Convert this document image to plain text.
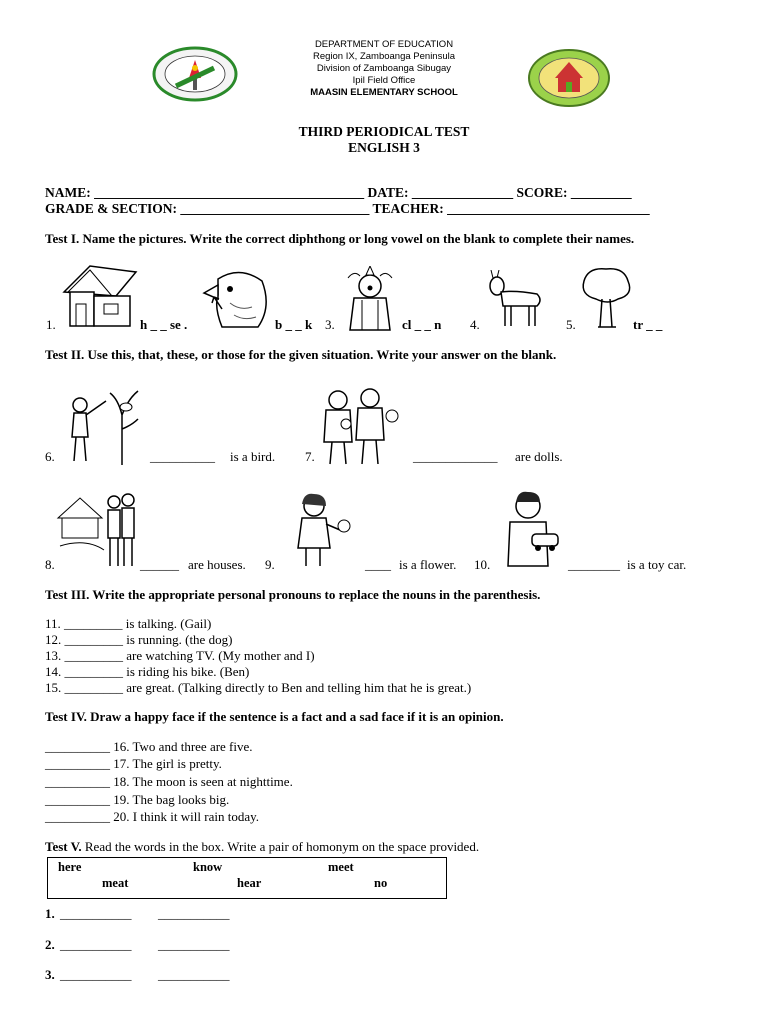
DEPARTMENT OF EDUCATION
Region IX, Zamboanga Peninsula
Division of Zamboanga Sibugay
Ipil Field Office
MAASIN ELEMENTARY SCHOOL
THIRD PERIODICAL TEST
ENGLISH 3
NAME: ________________________________________ DATE: _______________ SCORE: _________
GRADE & SECTION: ____________________________ TEACHER: ______________________________
Test I. Name the pictures. Write the correct diphthong or long vowel on the blank to complete their names.
1.	h _ _ se .	b _ _ k 3.	cl _ _ n 4.	5.	tr _ _
Test II. Use this, that, these, or those for the given situation. Write your answer on the blank.
6.	__________ is a bird. 7.	_____________ are dolls.
8.	______ are houses. 9.	____ is a flower. 10.	________ is a toy car.
Test III. Write the appropriate personal pronouns to replace the nouns in the parenthesis.
11. _________ is talking. (Gail)
12. _________ is running. (the dog)
13. _________ are watching TV. (My mother and I)
14. _________ is riding his bike. (Ben)
15. _________ are great. (Talking directly to Ben and telling him that he is great.)
Test IV. Draw a happy face if the sentence is a fact and a sad face if it is an opinion.
__________ 16. Two and three are five.
__________ 17. The girl is pretty.
__________ 18. The moon is seen at nighttime.
__________ 19. The bag looks big.
__________ 20. I think it will rain today.
Test V. Read the words in the box. Write a pair of homonym on the space provided.
here	know	meet
meat	hear	no
1. ___________ ___________
2. ___________ ___________
3. ___________ ___________
